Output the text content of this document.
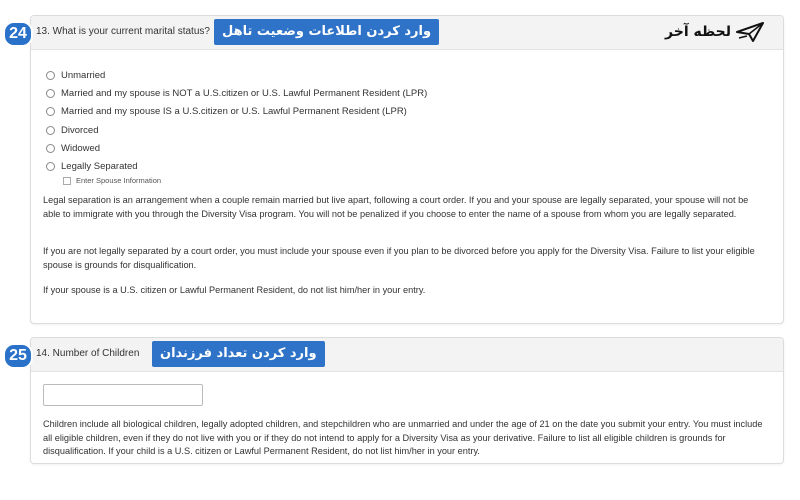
24 13. What is your current marital status? وارد کردن اطلاعات وضعیت تاهل	لحظه آخر
Unmarried
Married and my spouse is NOT a U.S.citizen or U.S. Lawful Permanent Resident (LPR)
Married and my spouse IS a U.S.citizen or U.S. Lawful Permanent Resident (LPR)
Divorced
Widowed
Legally Separated
Enter Spouse Information
Legal separation is an arrangement when a couple remain married but live apart, following a court order. If you and your spouse are legally separated, your spouse will not be able to immigrate with you through the Diversity Visa program. You will not be penalized if you choose to enter the name of a spouse from whom you are legally separated.
If you are not legally separated by a court order, you must include your spouse even if you plan to be divorced before you apply for the Diversity Visa. Failure to list your eligible spouse is grounds for disqualification.
If your spouse is a U.S. citizen or Lawful Permanent Resident, do not list him/her in your entry.
25 14. Number of Children	وارد کردن تعداد فرزندان
Children include all biological children, legally adopted children, and stepchildren who are unmarried and under the age of 21 on the date you submit your entry. You must include all eligible children, even if they do not live with you or if they do not intend to apply for a Diversity Visa as your derivative. Failure to list all eligible children is grounds for disqualification. If your child is a U.S. citizen or Lawful Permanent Resident, do not list him/her in your entry.
